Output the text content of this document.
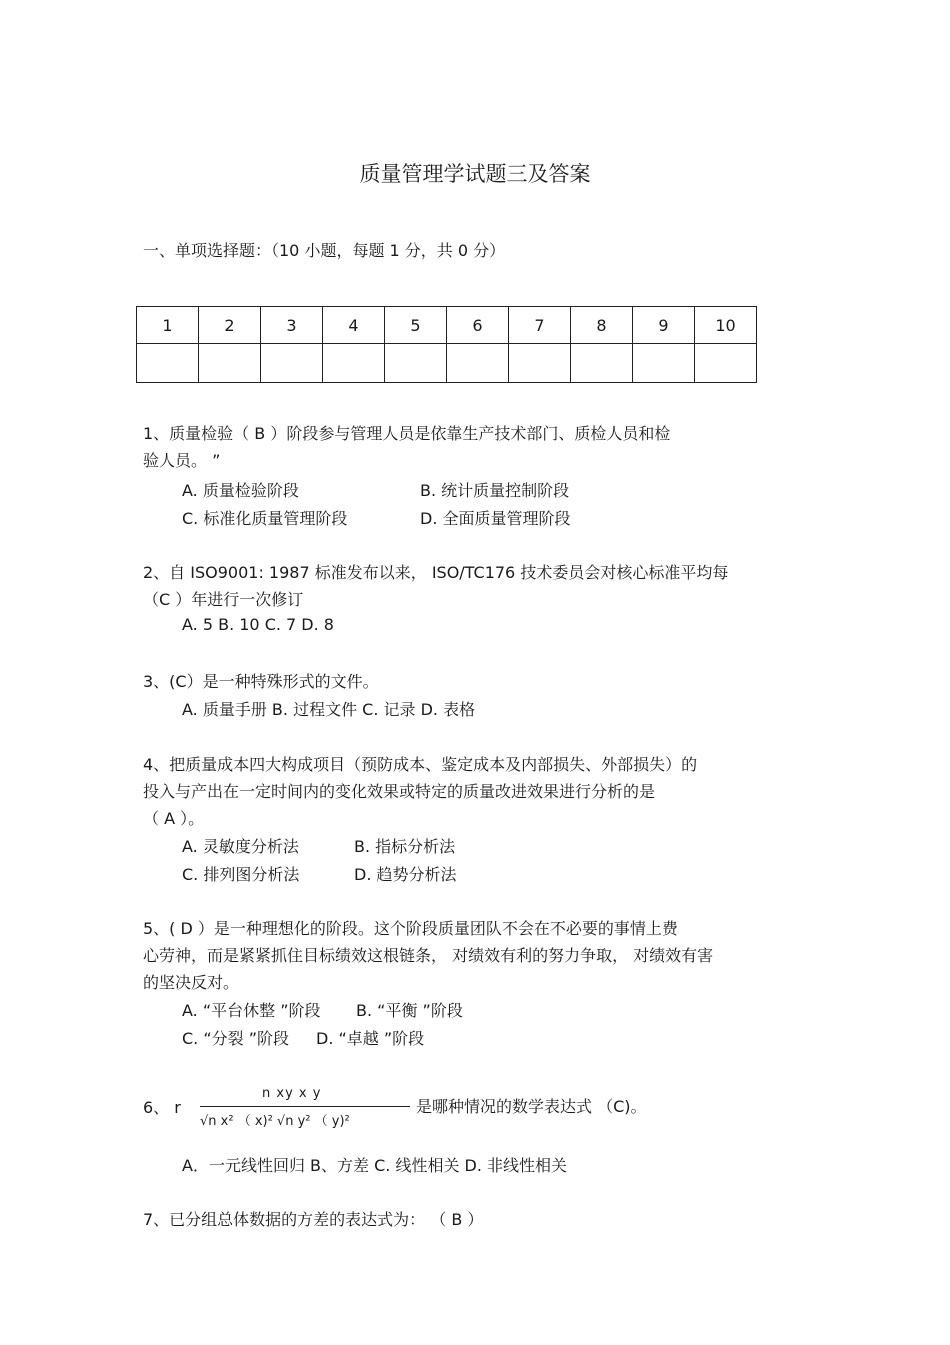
质量管理学试题三及答案
一、单项选择题：（10 小题，每题 1 分，共 0 分）
1	2	3	4	5	6	7	8	9	10

1、质量检验（ B ）阶段参与管理人员是依靠生产技术部门、质检人员和检
验人员。 ”
A. 质量检验阶段	B. 统计质量控制阶段
C. 标准化质量管理阶段	D. 全面质量管理阶段
2、自 ISO9001: 1987 标准发布以来， ISO/TC176 技术委员会对核心标准平均每
（C ）年进行一次修订
A. 5 B. 10 C. 7 D. 8
3、(C）是一种特殊形式的文件。
A. 质量手册 B. 过程文件 C. 记录 D. 表格
4、把质量成本四大构成项目（预防成本、鉴定成本及内部损失、外部损失）的
投入与产出在一定时间内的变化效果或特定的质量改进效果进行分析的是
（ A ）。
A. 灵敏度分析法	B. 指标分析法
C. 排列图分析法	D. 趋势分析法
5、( D ）是一种理想化的阶段。这个阶段质量团队不会在不必要的事情上费
心劳神，而是紧紧抓住目标绩效这根链条， 对绩效有利的努力争取， 对绩效有害
的坚决反对。
A. “平台休整 ”阶段 B. “平衡 ”阶段
C. “分裂 ”阶段 D. “卓越 ”阶段
6、 r
n xy x y
√n x² （ x)² √n y² （ y)²
是哪种情况的数学表达式 （C)。
A．一元线性回归 B、方差 C. 线性相关 D. 非线性相关
7、已分组总体数据的方差的表达式为： （ B ）
